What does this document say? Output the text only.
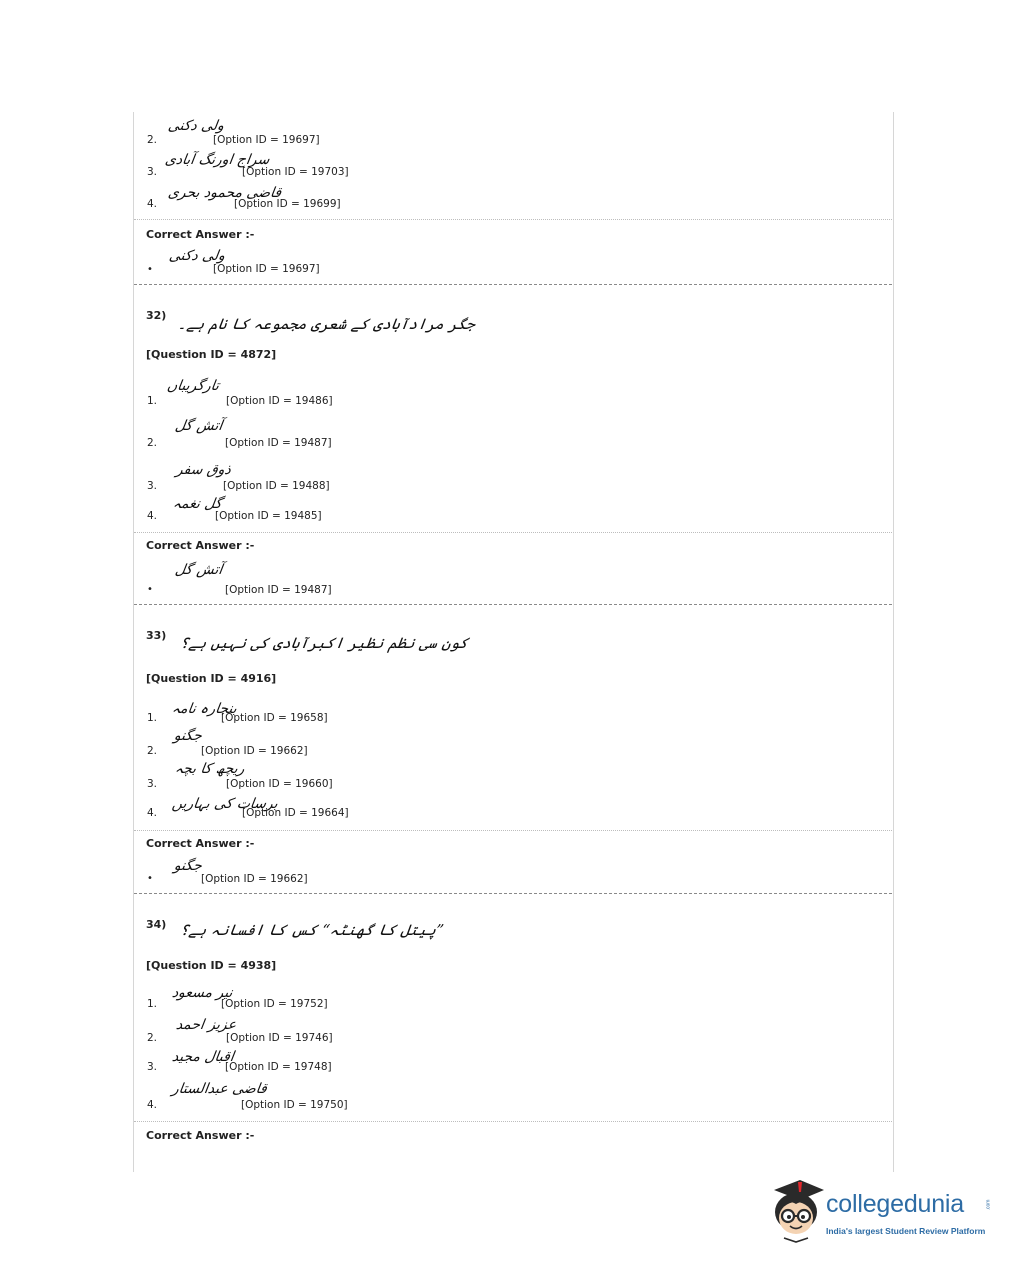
ولی دکنی
2.	[Option ID = 19697]
سراج اورنگ آبادی
3.	[Option ID = 19703]
قاضی محمود بحری
4.	[Option ID = 19699]
Correct Answer :-
ولی دکنی
•	[Option ID = 19697]
32) جگر مرادآبادی کے شعری مجموعہ کا نام ہے۔
[Question ID = 4872]
تارگریباں
1.	[Option ID = 19486]
آتش گل
2.	[Option ID = 19487]
ذوق سفر
3.	[Option ID = 19488]
گل نغمہ
4.	[Option ID = 19485]
Correct Answer :-
آتش گل
•	[Option ID = 19487]
33) کون سی نظم نظیر اکبرآبادی کی نہیں ہے؟
[Question ID = 4916]
بنجارہ نامہ
1.	[Option ID = 19658]
جگنو
2.	[Option ID = 19662]
ریچھ کا بچہ
3.	[Option ID = 19660]
برسات کی بہاریں
4.	[Option ID = 19664]
Correct Answer :-
جگنو
•	[Option ID = 19662]
34) ”پیتل کا گھنٹہ“ کس کا افسانہ ہے؟
[Question ID = 4938]
نیر مسعود
1.	[Option ID = 19752]
عزیز احمد
2.	[Option ID = 19746]
اقبال مجید
3.	[Option ID = 19748]
قاضی عبدالستار
4.	[Option ID = 19750]
Correct Answer :-
collegedunia	.com
India's largest Student Review Platform
